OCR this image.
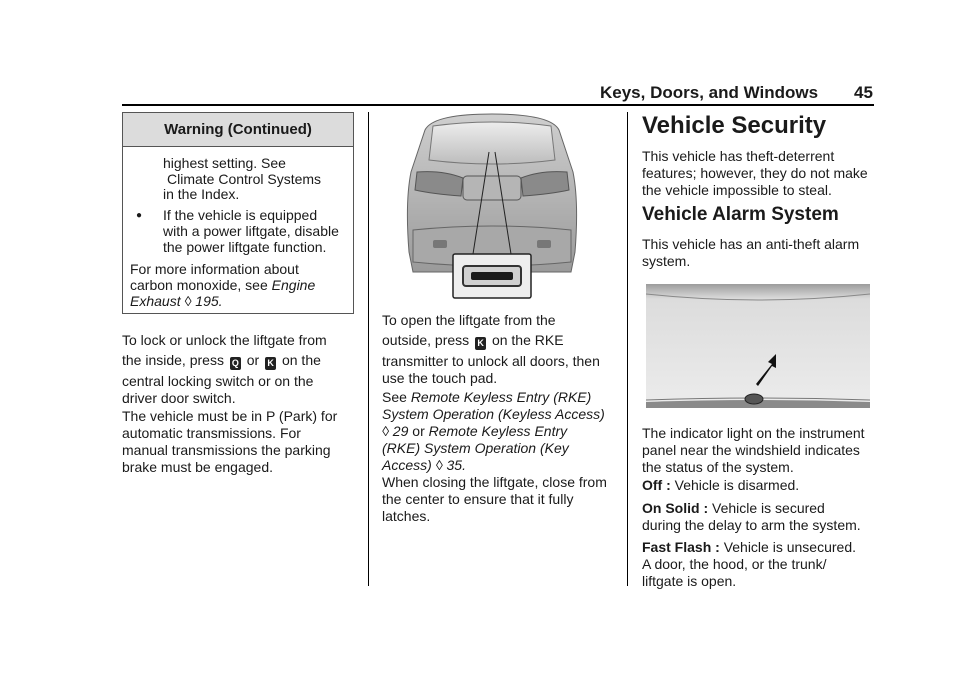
Keys, Doors, and Windows 45
Warning (Continued)
highest setting. See
Climate Control Systems
in the Index.
● If the vehicle is equipped
with a power liftgate, disable
the power liftgate function.
For more information about
carbon monoxide, see Engine
Exhaust ◊ 195.

To lock or unlock the liftgate from

the inside, press Q or K on the

central locking switch or on the

driver door switch.

The vehicle must be in P (Park) for

automatic transmissions. For

manual transmissions the parking

brake must be engaged.

To open the liftgate from the

outside, press K on the RKE

transmitter to unlock all doors, then

use the touch pad.

See Remote Keyless Entry (RKE)

System Operation (Keyless Access)

◊ 29 or Remote Keyless Entry

(RKE) System Operation (Key

Access) ◊ 35.

When closing the liftgate, close from

the center to ensure that it fully

latches.

Vehicle Security

This vehicle has theft-deterrent

features; however, they do not make

the vehicle impossible to steal.

Vehicle Alarm System

This vehicle has an anti-theft alarm

system.

The indicator light on the instrument

panel near the windshield indicates

the status of the system.

Off : Vehicle is disarmed.

On Solid : Vehicle is secured

during the delay to arm the system.

Fast Flash : Vehicle is unsecured.

A door, the hood, or the trunk/

liftgate is open.
